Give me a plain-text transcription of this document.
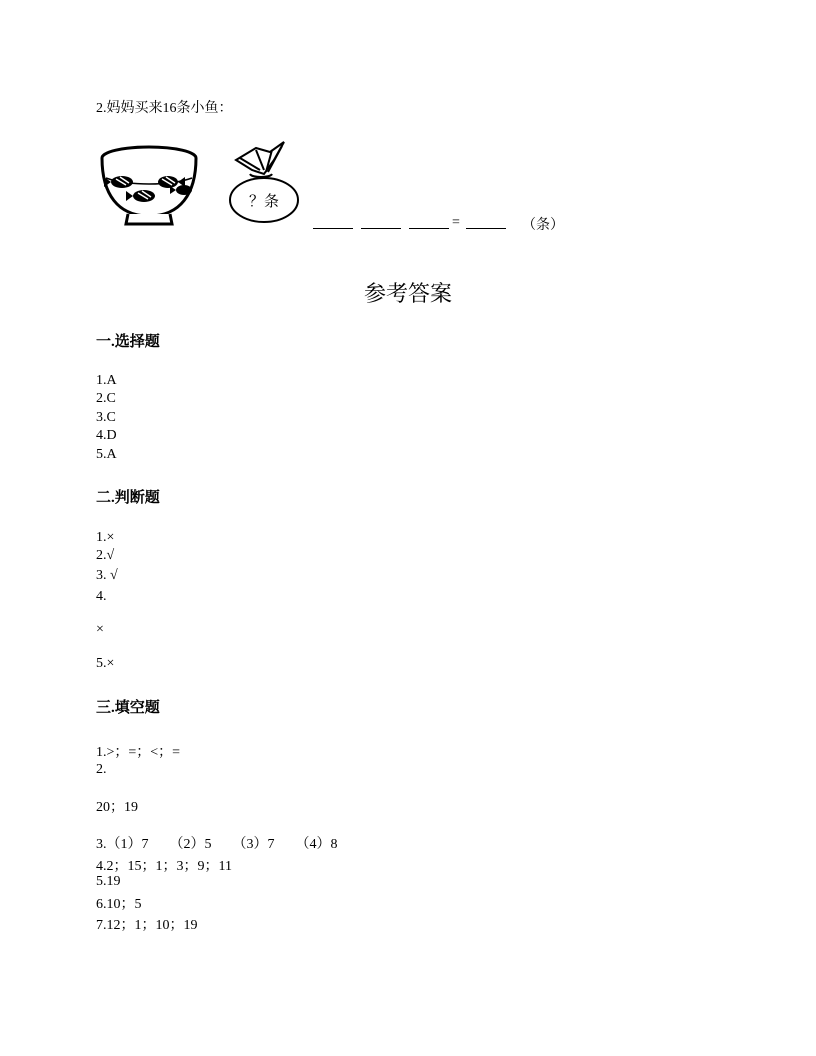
2.妈妈买来16条小鱼：
？条
=	（条）
参考答案
一.选择题
1.A
2.C
3.C
4.D
5.A
二.判断题
1.×
2.√
3. √
4.
×
5.×
三.填空题
1.>；=；<；=
2.
20；19
3.（1）7　　（2）5　　（3）7　　（4）8
4.2；15；1；3；9；11
5.19
6.10；5
7.12；1；10；19
